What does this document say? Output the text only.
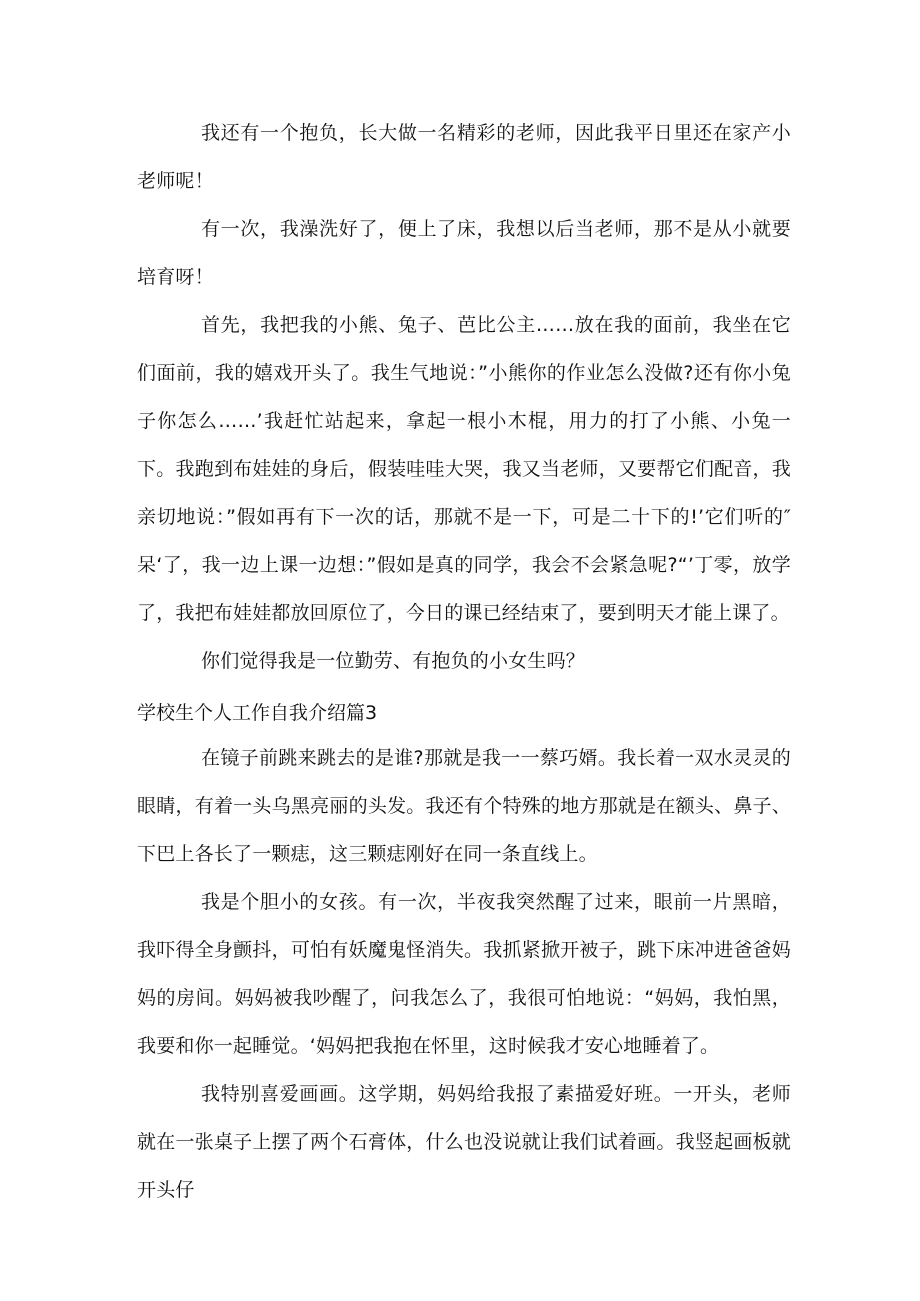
我还有一个抱负，长大做一名精彩的老师，因此我平日里还在家产小老师呢！

有一次，我澡洗好了，便上了床，我想以后当老师，那不是从小就要培育呀！

首先，我把我的小熊、兔子、芭比公主……放在我的面前，我坐在它们面前，我的嬉戏开头了。我生气地说：”小熊你的作业怎么没做?还有你小兔子你怎么……’我赶忙站起来，拿起一根小木棍，用力的打了小熊、小兔一下。我跑到布娃娃的身后，假装哇哇大哭，我又当老师，又要帮它们配音，我亲切地说：”假如再有下一次的话，那就不是一下，可是二十下的!’它们听的″呆‘了，我一边上课一边想：”假如是真的同学，我会不会紧急呢?“’丁零，放学了，我把布娃娃都放回原位了，今日的课已经结束了，要到明天才能上课了。

你们觉得我是一位勤劳、有抱负的小女生吗？

学校生个人工作自我介绍篇3

在镜子前跳来跳去的是谁?那就是我一一蔡巧婿。我长着一双水灵灵的眼睛，有着一头乌黑亮丽的头发。我还有个特殊的地方那就是在额头、鼻子、下巴上各长了一颗痣，这三颗痣刚好在同一条直线上。

我是个胆小的女孩。有一次，半夜我突然醒了过来，眼前一片黑暗，我吓得全身颤抖，可怕有妖魔鬼怪消失。我抓紧掀开被子，跳下床冲进爸爸妈妈的房间。妈妈被我吵醒了，问我怎么了，我很可怕地说：“妈妈，我怕黑，我要和你一起睡觉。‘妈妈把我抱在怀里，这时候我才安心地睡着了。

我特别喜爱画画。这学期，妈妈给我报了素描爱好班。一开头，老师就在一张桌子上摆了两个石膏体，什么也没说就让我们试着画。我竖起画板就开头仔
